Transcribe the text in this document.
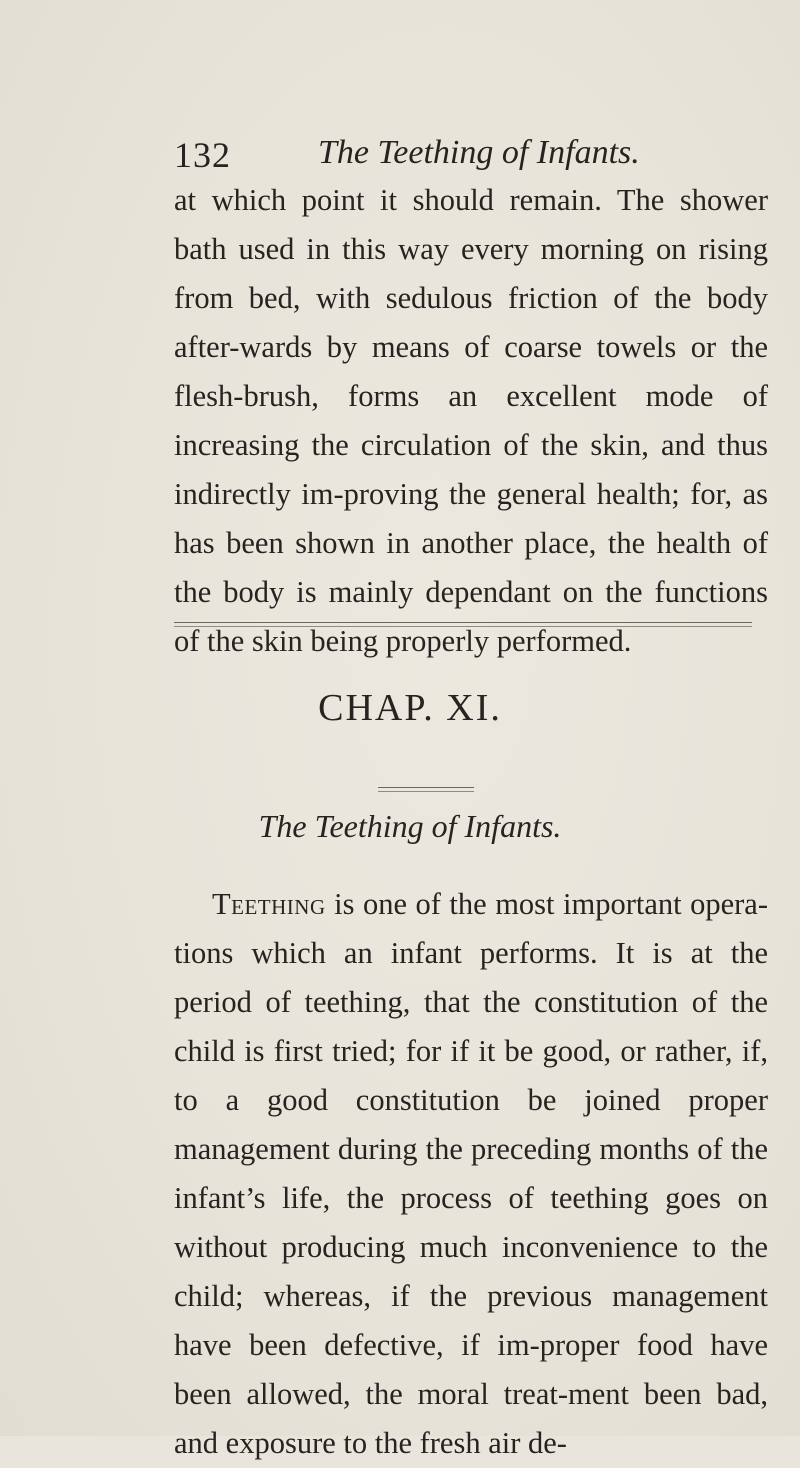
132	The Teething of Infants.

at which point it should remain. The shower bath used in this way every morning on rising from bed, with sedulous friction of the body after-wards by means of coarse towels or the flesh-brush, forms an excellent mode of increasing the circulation of the skin, and thus indirectly im-proving the general health; for, as has been shown in another place, the health of the body is mainly dependant on the functions of the skin being properly performed.

CHAP. XI.
The Teething of Infants.

Teething is one of the most important opera-tions which an infant performs. It is at the period of teething, that the constitution of the child is first tried; for if it be good, or rather, if, to a good constitution be joined proper management during the preceding months of the infant’s life, the process of teething goes on without producing much inconvenience to the child; whereas, if the previous management have been defective, if im-proper food have been allowed, the moral treat-ment been bad, and exposure to the fresh air de-
